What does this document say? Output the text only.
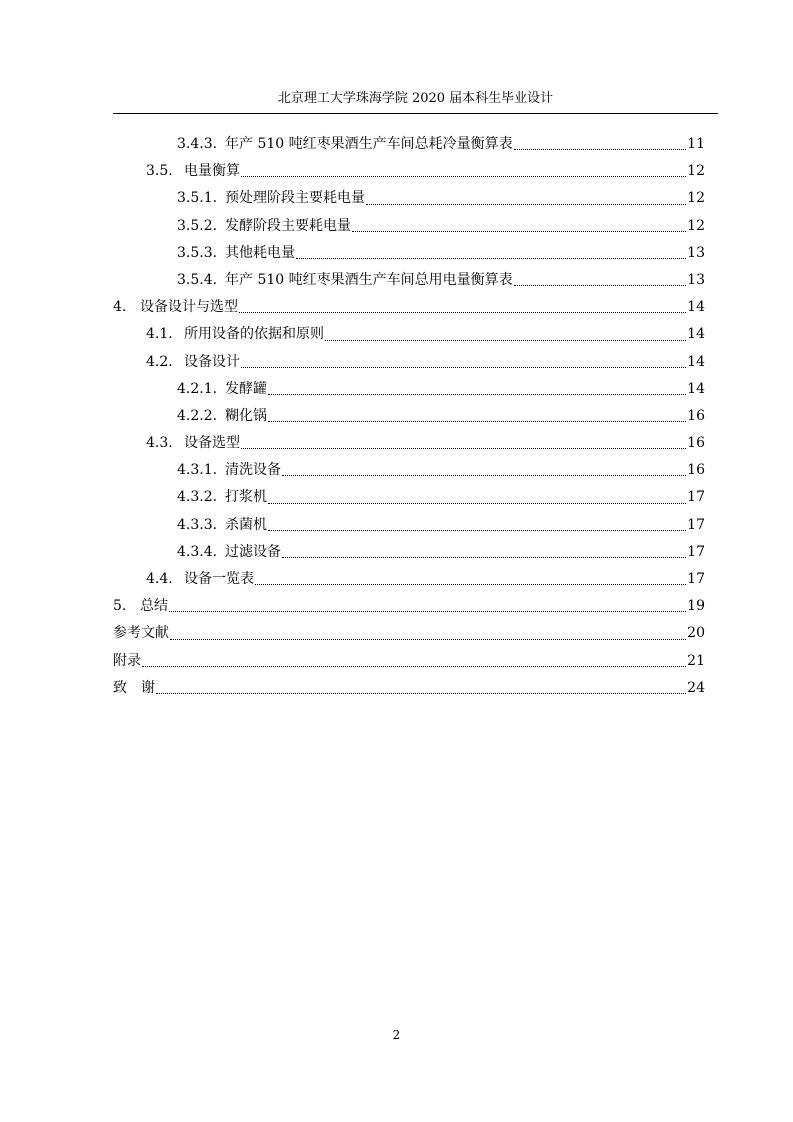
北京理工大学珠海学院 2020 届本科生毕业设计
3.4.3. 年产 510 吨红枣果酒生产车间总耗冷量衡算表	11
3.5. 电量衡算	12
3.5.1. 预处理阶段主要耗电量	12
3.5.2. 发酵阶段主要耗电量	12
3.5.3. 其他耗电量	13
3.5.4. 年产 510 吨红枣果酒生产车间总用电量衡算表	13
4. 设备设计与选型	14
4.1. 所用设备的依据和原则	14
4.2. 设备设计	14
4.2.1. 发酵罐	14
4.2.2. 糊化锅	16
4.3. 设备选型	16
4.3.1. 清洗设备	16
4.3.2. 打浆机	17
4.3.3. 杀菌机	17
4.3.4. 过滤设备	17
4.4. 设备一览表	17
5. 总结	19
参考文献	20
附录	21
致　谢	24
2
